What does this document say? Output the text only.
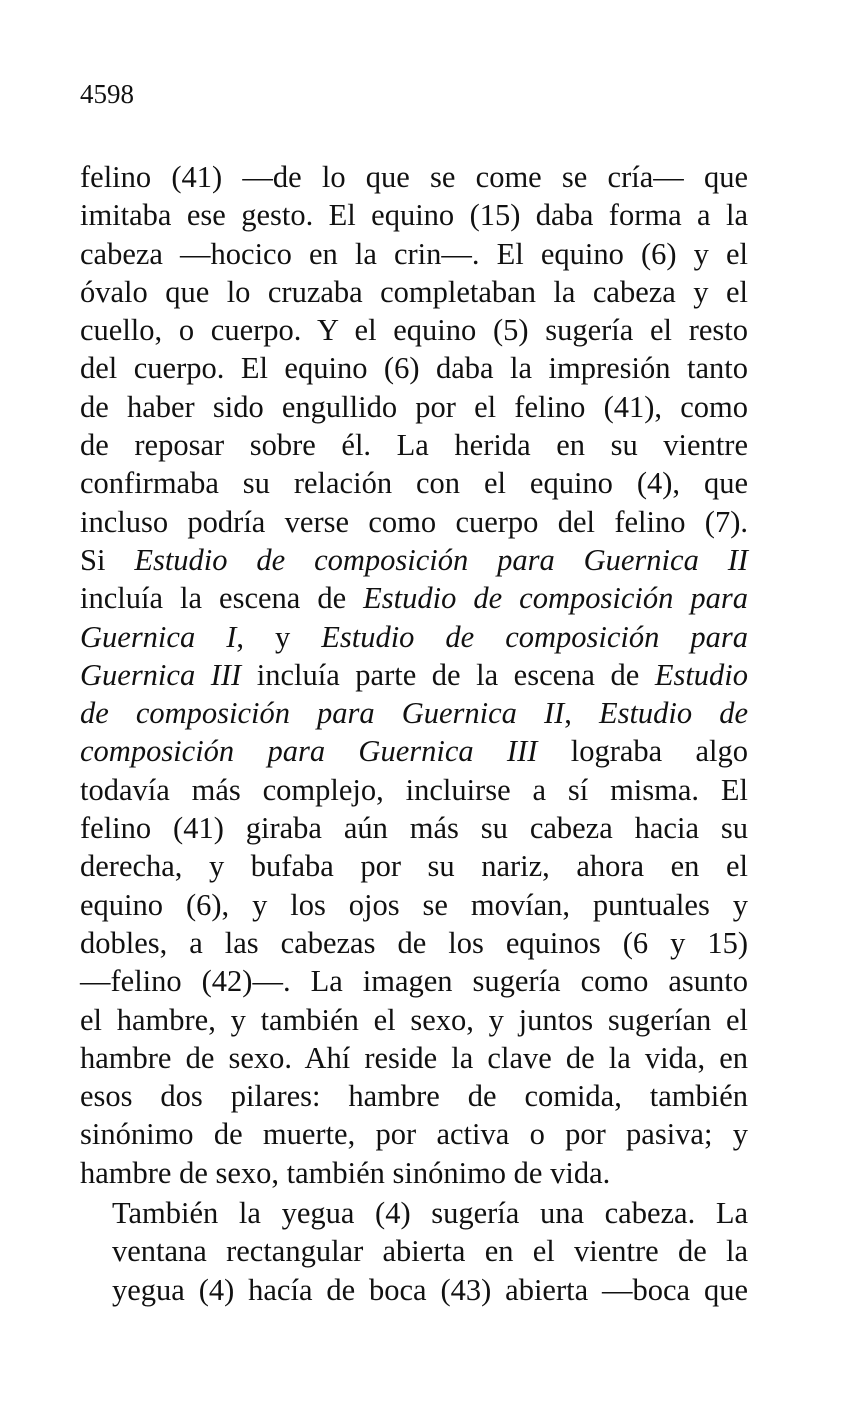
4598
felino (41) —de lo que se come se cría— que
imitaba ese gesto. El equino (15) daba forma a la
cabeza —hocico en la crin—. El equino (6) y el
óvalo que lo cruzaba completaban la cabeza y el
cuello, o cuerpo. Y el equino (5) sugería el resto
del cuerpo. El equino (6) daba la impresión tanto
de haber sido engullido por el felino (41), como
de reposar sobre él. La herida en su vientre
confirmaba su relación con el equino (4), que
incluso podría verse como cuerpo del felino (7).
Si Estudio de composición para Guernica II
incluía la escena de Estudio de composición para
Guernica I, y Estudio de composición para
Guernica III incluía parte de la escena de Estudio
de composición para Guernica II, Estudio de
composición para Guernica III lograba algo
todavía más complejo, incluirse a sí misma. El
felino (41) giraba aún más su cabeza hacia su
derecha, y bufaba por su nariz, ahora en el
equino (6), y los ojos se movían, puntuales y
dobles, a las cabezas de los equinos (6 y 15)
—felino (42)—. La imagen sugería como asunto
el hambre, y también el sexo, y juntos sugerían el
hambre de sexo. Ahí reside la clave de la vida, en
esos dos pilares: hambre de comida, también
sinónimo de muerte, por activa o por pasiva; y
hambre de sexo, también sinónimo de vida.
También la yegua (4) sugería una cabeza. La
ventana rectangular abierta en el vientre de la
yegua (4) hacía de boca (43) abierta —boca que
